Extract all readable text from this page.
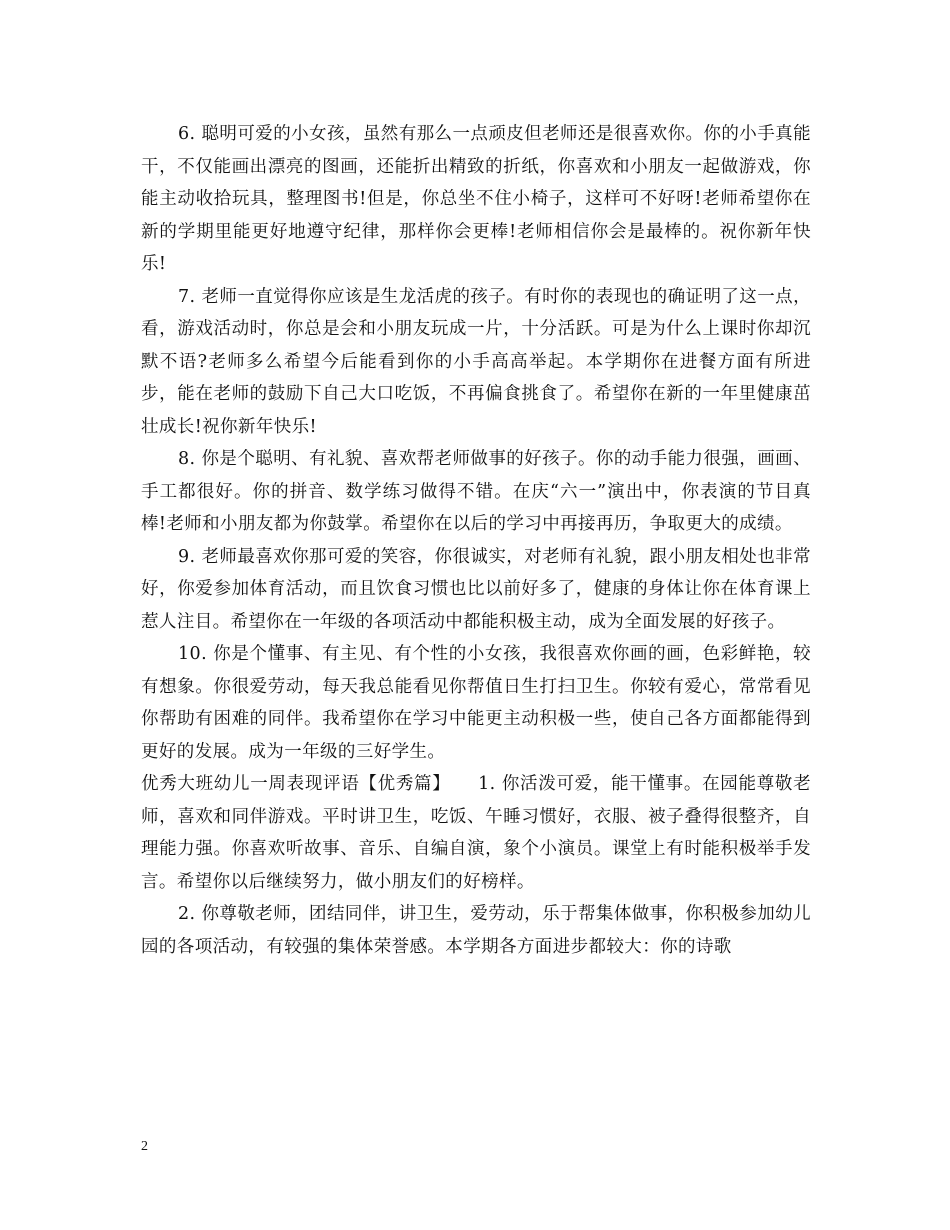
6. 聪明可爱的小女孩，虽然有那么一点顽皮但老师还是很喜欢你。你的小手真能干，不仅能画出漂亮的图画，还能折出精致的折纸，你喜欢和小朋友一起做游戏，你能主动收拾玩具，整理图书!但是，你总坐不住小椅子，这样可不好呀!老师希望你在新的学期里能更好地遵守纪律，那样你会更棒!老师相信你会是最棒的。祝你新年快乐!

7. 老师一直觉得你应该是生龙活虎的孩子。有时你的表现也的确证明了这一点，看，游戏活动时，你总是会和小朋友玩成一片，十分活跃。可是为什么上课时你却沉默不语?老师多么希望今后能看到你的小手高高举起。本学期你在进餐方面有所进步，能在老师的鼓励下自己大口吃饭，不再偏食挑食了。希望你在新的一年里健康茁壮成长!祝你新年快乐!

8. 你是个聪明、有礼貌、喜欢帮老师做事的好孩子。你的动手能力很强，画画、手工都很好。你的拼音、数学练习做得不错。在庆“六一”演出中，你表演的节目真棒!老师和小朋友都为你鼓掌。希望你在以后的学习中再接再历，争取更大的成绩。

9. 老师最喜欢你那可爱的笑容，你很诚实，对老师有礼貌，跟小朋友相处也非常好，你爱参加体育活动，而且饮食习惯也比以前好多了，健康的身体让你在体育课上惹人注目。希望你在一年级的各项活动中都能积极主动，成为全面发展的好孩子。

10. 你是个懂事、有主见、有个性的小女孩，我很喜欢你画的画，色彩鲜艳，较有想象。你很爱劳动，每天我总能看见你帮值日生打扫卫生。你较有爱心，常常看见你帮助有困难的同伴。我希望你在学习中能更主动积极一些，使自己各方面都能得到更好的发展。成为一年级的三好学生。

优秀大班幼儿一周表现评语【优秀篇】　　1. 你活泼可爱，能干懂事。在园能尊敬老师，喜欢和同伴游戏。平时讲卫生，吃饭、午睡习惯好，衣服、被子叠得很整齐，自理能力强。你喜欢听故事、音乐、自编自演，象个小演员。课堂上有时能积极举手发言。希望你以后继续努力，做小朋友们的好榜样。

2. 你尊敬老师，团结同伴，讲卫生，爱劳动，乐于帮集体做事，你积极参加幼儿园的各项活动，有较强的集体荣誉感。本学期各方面进步都较大：你的诗歌

2
